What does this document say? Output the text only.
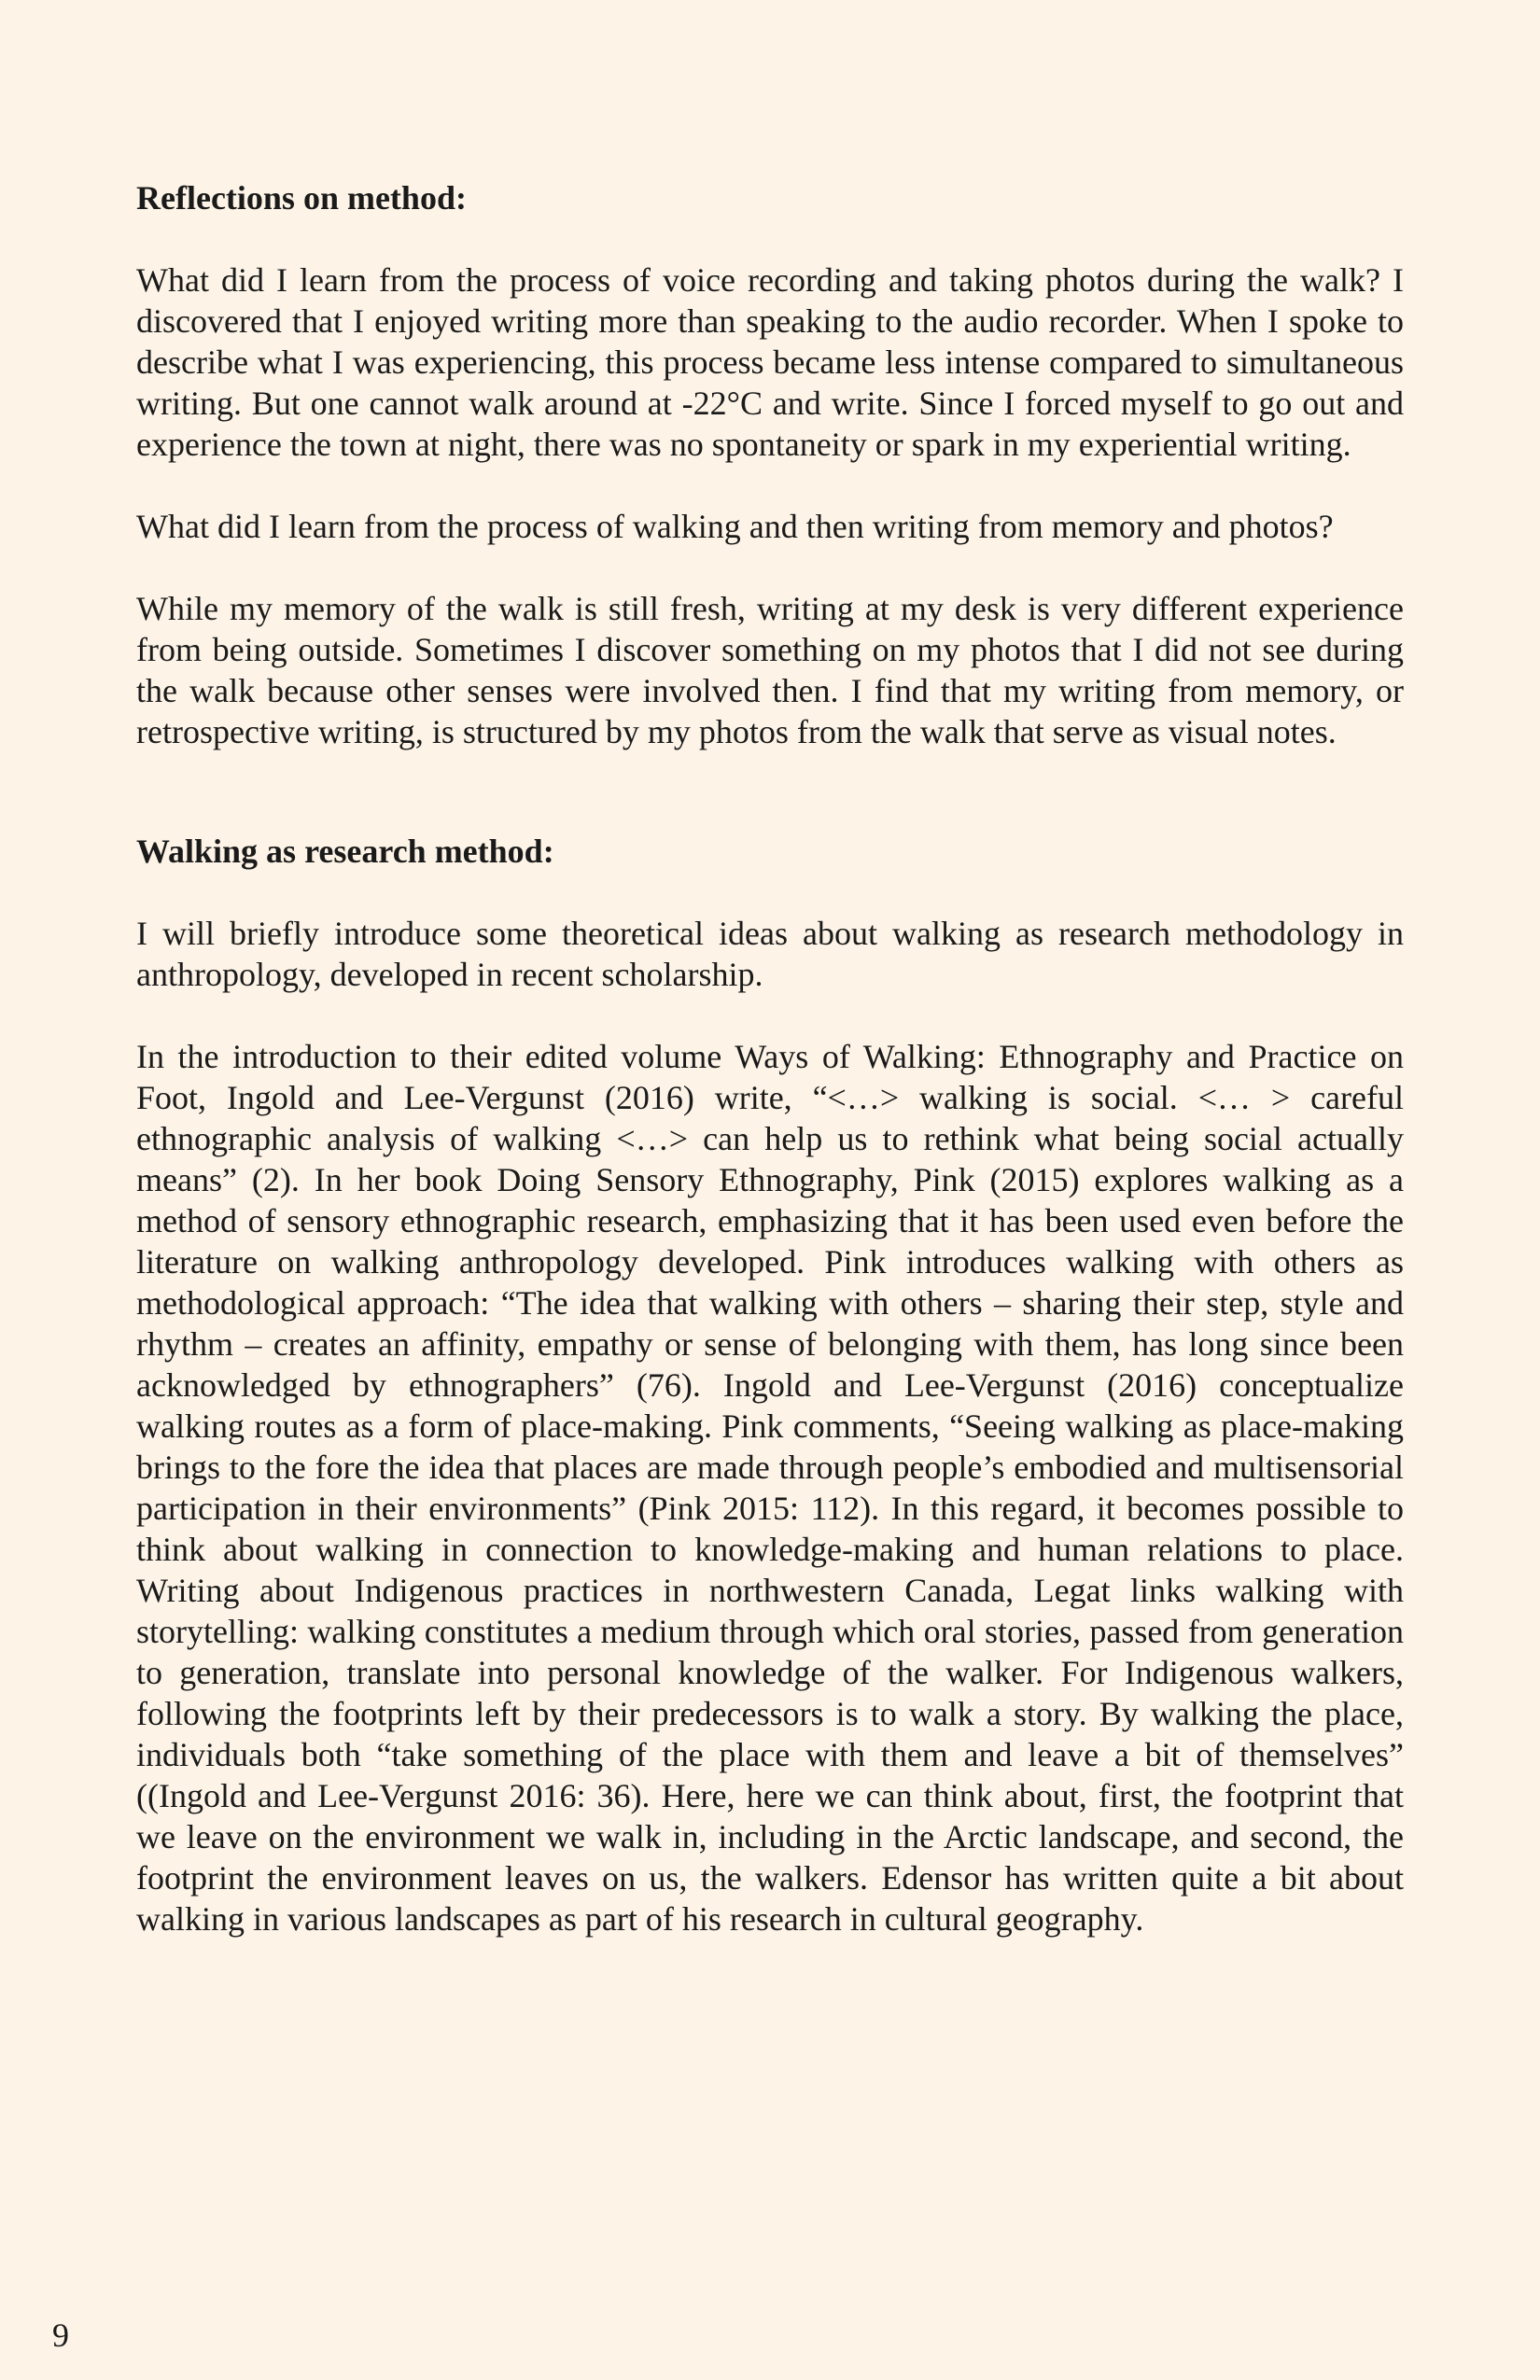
Reflections on method:

What did I learn from the process of voice recording and taking photos during the walk? I discovered that I enjoyed writing more than speaking to the audio recorder. When I spoke to describe what I was experiencing, this process became less intense compared to simultaneous writing. But one cannot walk around at -22°C and write. Since I forced myself to go out and experience the town at night, there was no spontaneity or spark in my experiential writing.

What did I learn from the process of walking and then writing from memory and photos?

While my memory of the walk is still fresh, writing at my desk is very different experience from being outside. Sometimes I discover something on my photos that I did not see during the walk because other senses were involved then. I find that my writing from memory, or retrospective writing, is structured by my photos from the walk that serve as visual notes.

Walking as research method:

I will briefly introduce some theoretical ideas about walking as research methodology in anthropology, developed in recent scholarship.

In the introduction to their edited volume Ways of Walking: Ethnography and Practice on Foot, Ingold and Lee-Vergunst (2016) write, “<…> walking is social. <… > careful ethnographic analysis of walking <…> can help us to rethink what being social actually means” (2). In her book Doing Sensory Ethnography, Pink (2015) explores walking as a method of sensory ethnographic research, emphasizing that it has been used even before the literature on walking anthropology developed. Pink introduces walking with others as methodological approach: “The idea that walking with others – sharing their step, style and rhythm – creates an affinity, empathy or sense of belonging with them, has long since been acknowledged by ethnographers” (76). Ingold and Lee-Vergunst (2016) conceptualize walking routes as a form of place-making. Pink comments, “Seeing walking as place-making brings to the fore the idea that places are made through people’s embodied and multisensorial participation in their environments” (Pink 2015: 112). In this regard, it becomes possible to think about walking in connection to knowledge-making and human relations to place. Writing about Indigenous practices in northwestern Canada, Legat links walking with storytelling: walking constitutes a medium through which oral stories, passed from generation to generation, translate into personal knowledge of the walker. For Indigenous walkers, following the footprints left by their predecessors is to walk a story. By walking the place, individuals both “take something of the place with them and leave a bit of themselves” ((Ingold and Lee-Vergunst 2016: 36). Here, here we can think about, first, the footprint that we leave on the environment we walk in, including in the Arctic landscape, and second, the footprint the environment leaves on us, the walkers. Edensor has written quite a bit about walking in various landscapes as part of his research in cultural geography.

9
